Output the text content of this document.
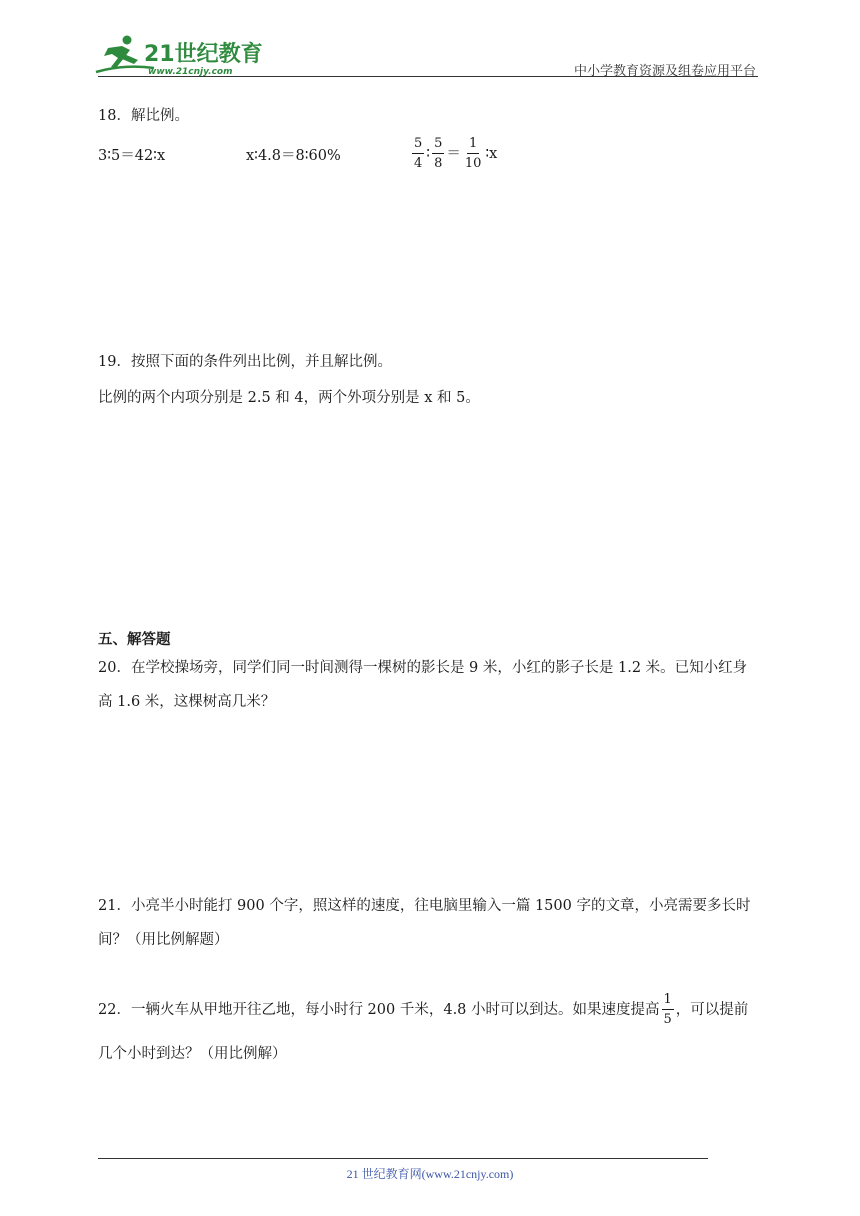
21世纪教育
www.21cnjy.com	中小学教育资源及组卷应用平台
18．解比例。
3∶5＝42∶x	x∶4.8＝8∶60%	$\frac{5}{4}$ ∶ $\frac{5}{8} = \frac{1}{10}$ ∶x
19．按照下面的条件列出比例，并且解比例。
比例的两个内项分别是 2.5 和 4，两个外项分别是 x 和 5。
五、解答题
20．在学校操场旁，同学们同一时间测得一棵树的影长是 9 米，小红的影子长是 1.2 米。已知小红身
高 1.6 米，这棵树高几米？
21．小亮半小时能打 900 个字，照这样的速度，往电脑里输入一篇 1500 字的文章，小亮需要多长时
间？（用比例解题）
22．一辆火车从甲地开往乙地，每小时行 200 千米，4.8 小时可以到达。如果速度提高 $\frac{1}{5}$ ，可以提前
几个小时到达？（用比例解）
21 世纪教育网(www.21cnjy.com)
